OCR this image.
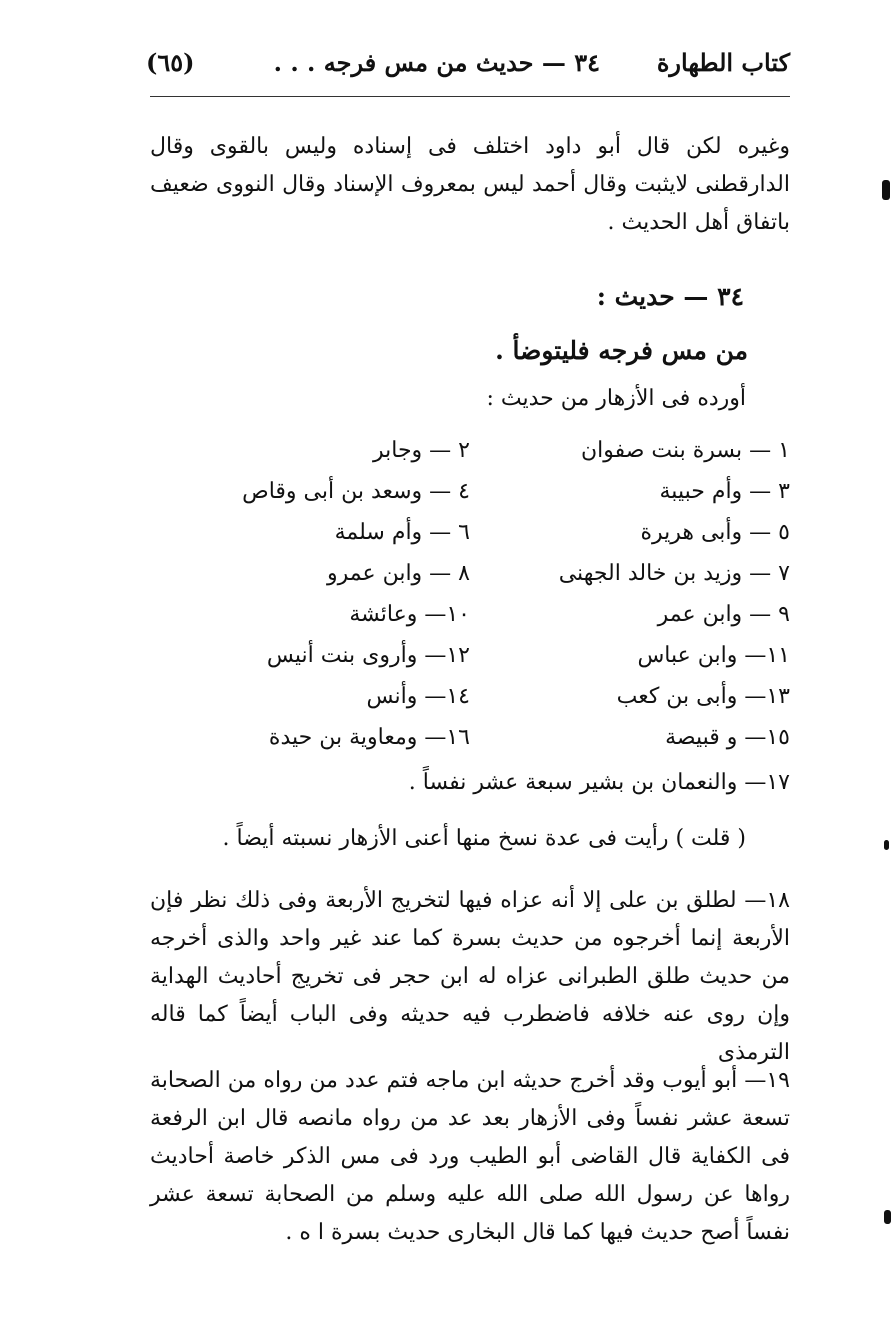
كتاب الطهارة
٣٤ — حديث من مس فرجه . . .
(٦٥)
وغيره لكن قال أبو داود اختلف فى إسناده وليس بالقوى وقال الدارقطنى لايثبت وقال أحمد ليس بمعروف الإسناد وقال النووى ضعيف باتفاق أهل الحديث .
٣٤ — حديث :
من مس فرجه فليتوضأ .
أورده فى الأزهار من حديث :
١ — بسرة بنت صفوان
٢ — وجابر
٣ — وأم حبيبة
٤ — وسعد بن أبى وقاص
٥ — وأبى هريرة
٦ — وأم سلمة
٧ — وزيد بن خالد الجهنى
٨ — وابن عمرو
٩ — وابن عمر
١٠— وعائشة
١١— وابن عباس
١٢— وأروى بنت أنيس
١٣— وأبى بن كعب
١٤— وأنس
١٥— و قبيصة
١٦— ومعاوية بن حيدة
١٧— والنعمان بن بشير سبعة عشر نفساً .
( قلت ) رأيت فى عدة نسخ منها أعنى الأزهار نسبته أيضاً .
١٨— لطلق بن على إلا أنه عزاه فيها لتخريج الأربعة وفى ذلك نظر فإن الأربعة إنما أخرجوه من حديث بسرة كما عند غير واحد والذى أخرجه من حديث طلق الطبرانى عزاه له ابن حجر فى تخريج أحاديث الهداية وإن روى عنه خلافه فاضطرب فيه حديثه وفى الباب أيضاً كما قاله الترمذى
١٩— أبو أيوب وقد أخرج حديثه ابن ماجه فتم عدد من رواه من الصحابة تسعة عشر نفساً وفى الأزهار بعد عد من رواه مانصه قال ابن الرفعة فى الكفاية قال القاضى أبو الطيب ورد فى مس الذكر خاصة أحاديث رواها عن رسول الله صلى الله عليه وسلم من الصحابة تسعة عشر نفساً أصح حديث فيها كما قال البخارى حديث بسرة ا ه .
